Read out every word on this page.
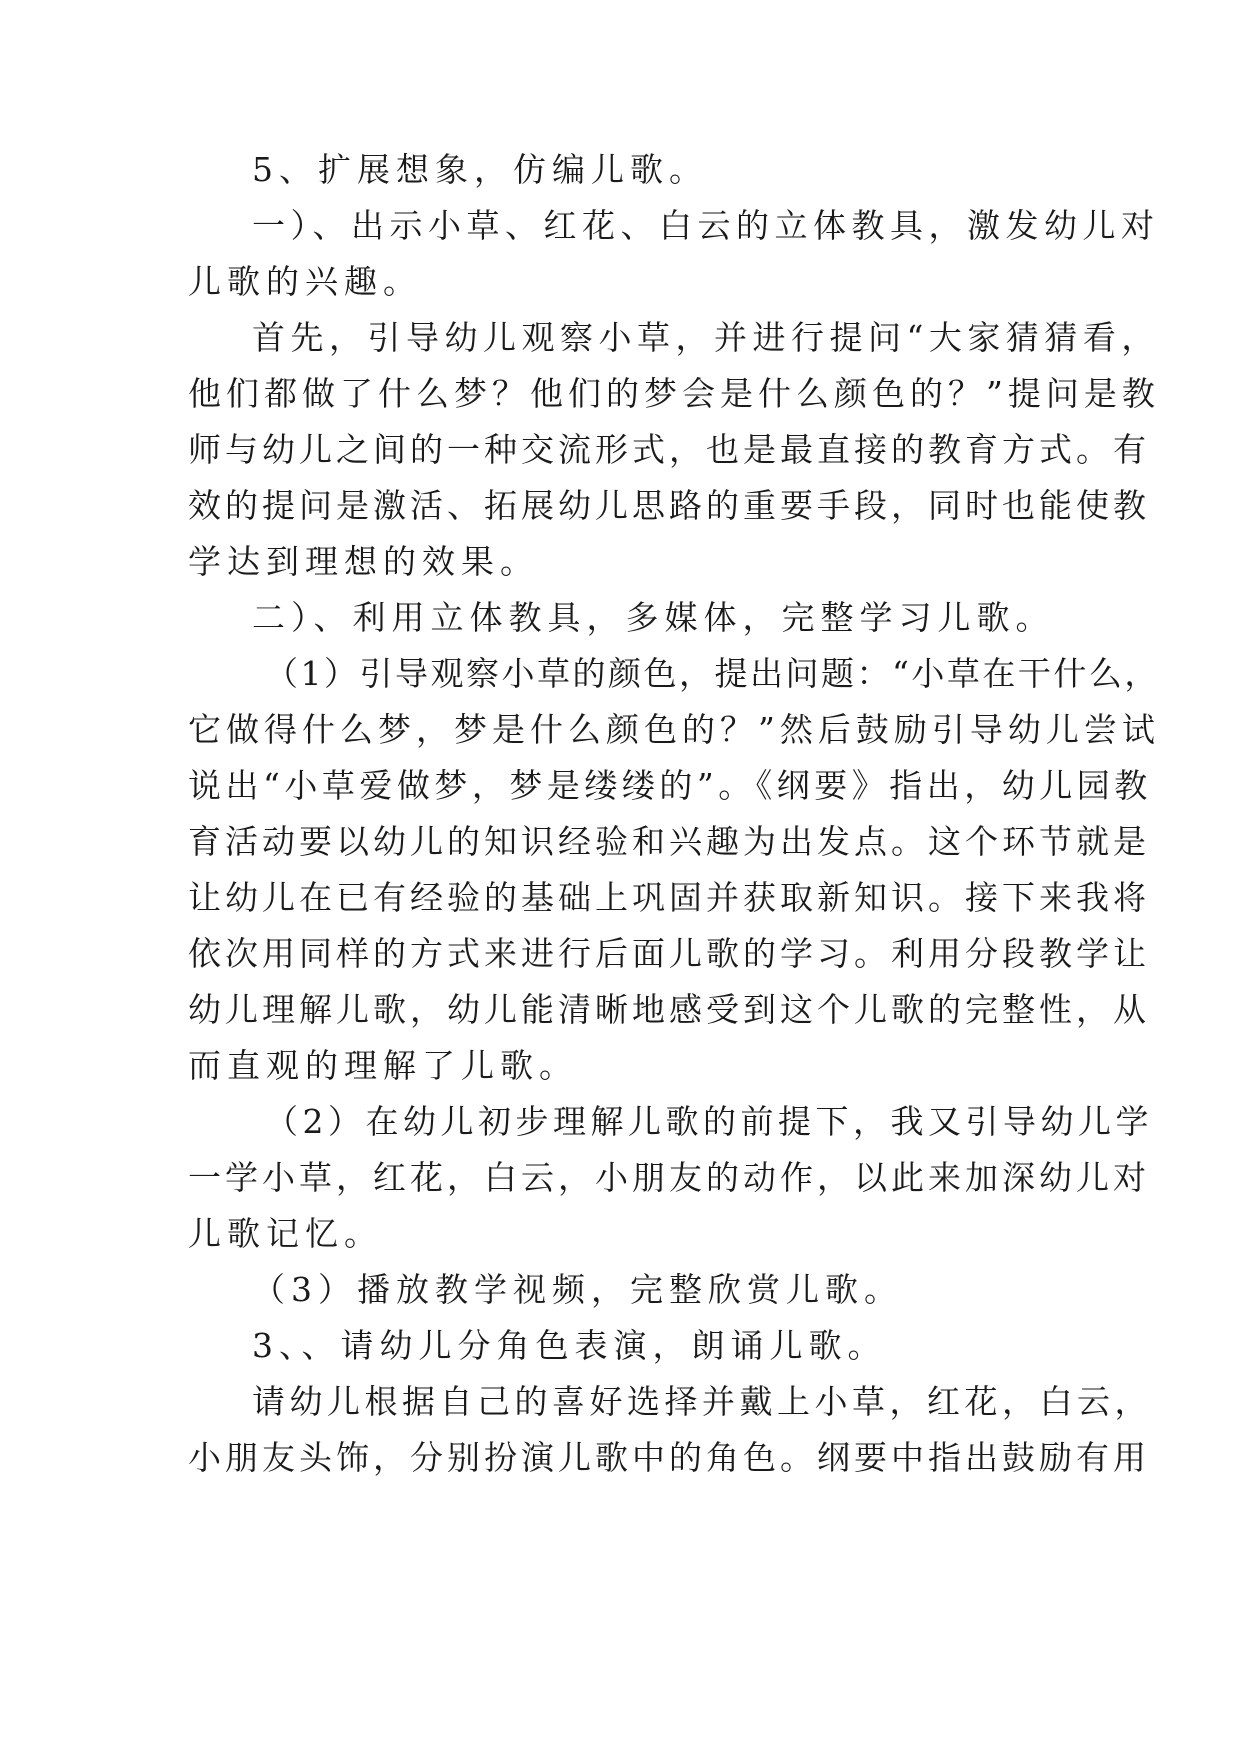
5、扩展想象，仿编儿歌。
一）、出示小草、红花、白云的立体教具，激发幼儿对
儿歌的兴趣。
首先，引导幼儿观察小草，并进行提问“大家猜猜看，
他们都做了什么梦？他们的梦会是什么颜色的？”提问是教
师与幼儿之间的一种交流形式，也是最直接的教育方式。有
效的提问是激活、拓展幼儿思路的重要手段，同时也能使教
学达到理想的效果。
二）、利用立体教具，多媒体，完整学习儿歌。
（1）引导观察小草的颜色，提出问题：“小草在干什么，
它做得什么梦，梦是什么颜色的？”然后鼓励引导幼儿尝试
说出“小草爱做梦，梦是缕缕的”。《纲要》指出，幼儿园教
育活动要以幼儿的知识经验和兴趣为出发点。这个环节就是
让幼儿在已有经验的基础上巩固并获取新知识。接下来我将
依次用同样的方式来进行后面儿歌的学习。利用分段教学让
幼儿理解儿歌，幼儿能清晰地感受到这个儿歌的完整性，从
而直观的理解了儿歌。
（2）在幼儿初步理解儿歌的前提下，我又引导幼儿学
一学小草，红花，白云，小朋友的动作，以此来加深幼儿对
儿歌记忆。
（3）播放教学视频，完整欣赏儿歌。
3、、请幼儿分角色表演，朗诵儿歌。
请幼儿根据自己的喜好选择并戴上小草，红花，白云，
小朋友头饰，分别扮演儿歌中的角色。纲要中指出鼓励有用
